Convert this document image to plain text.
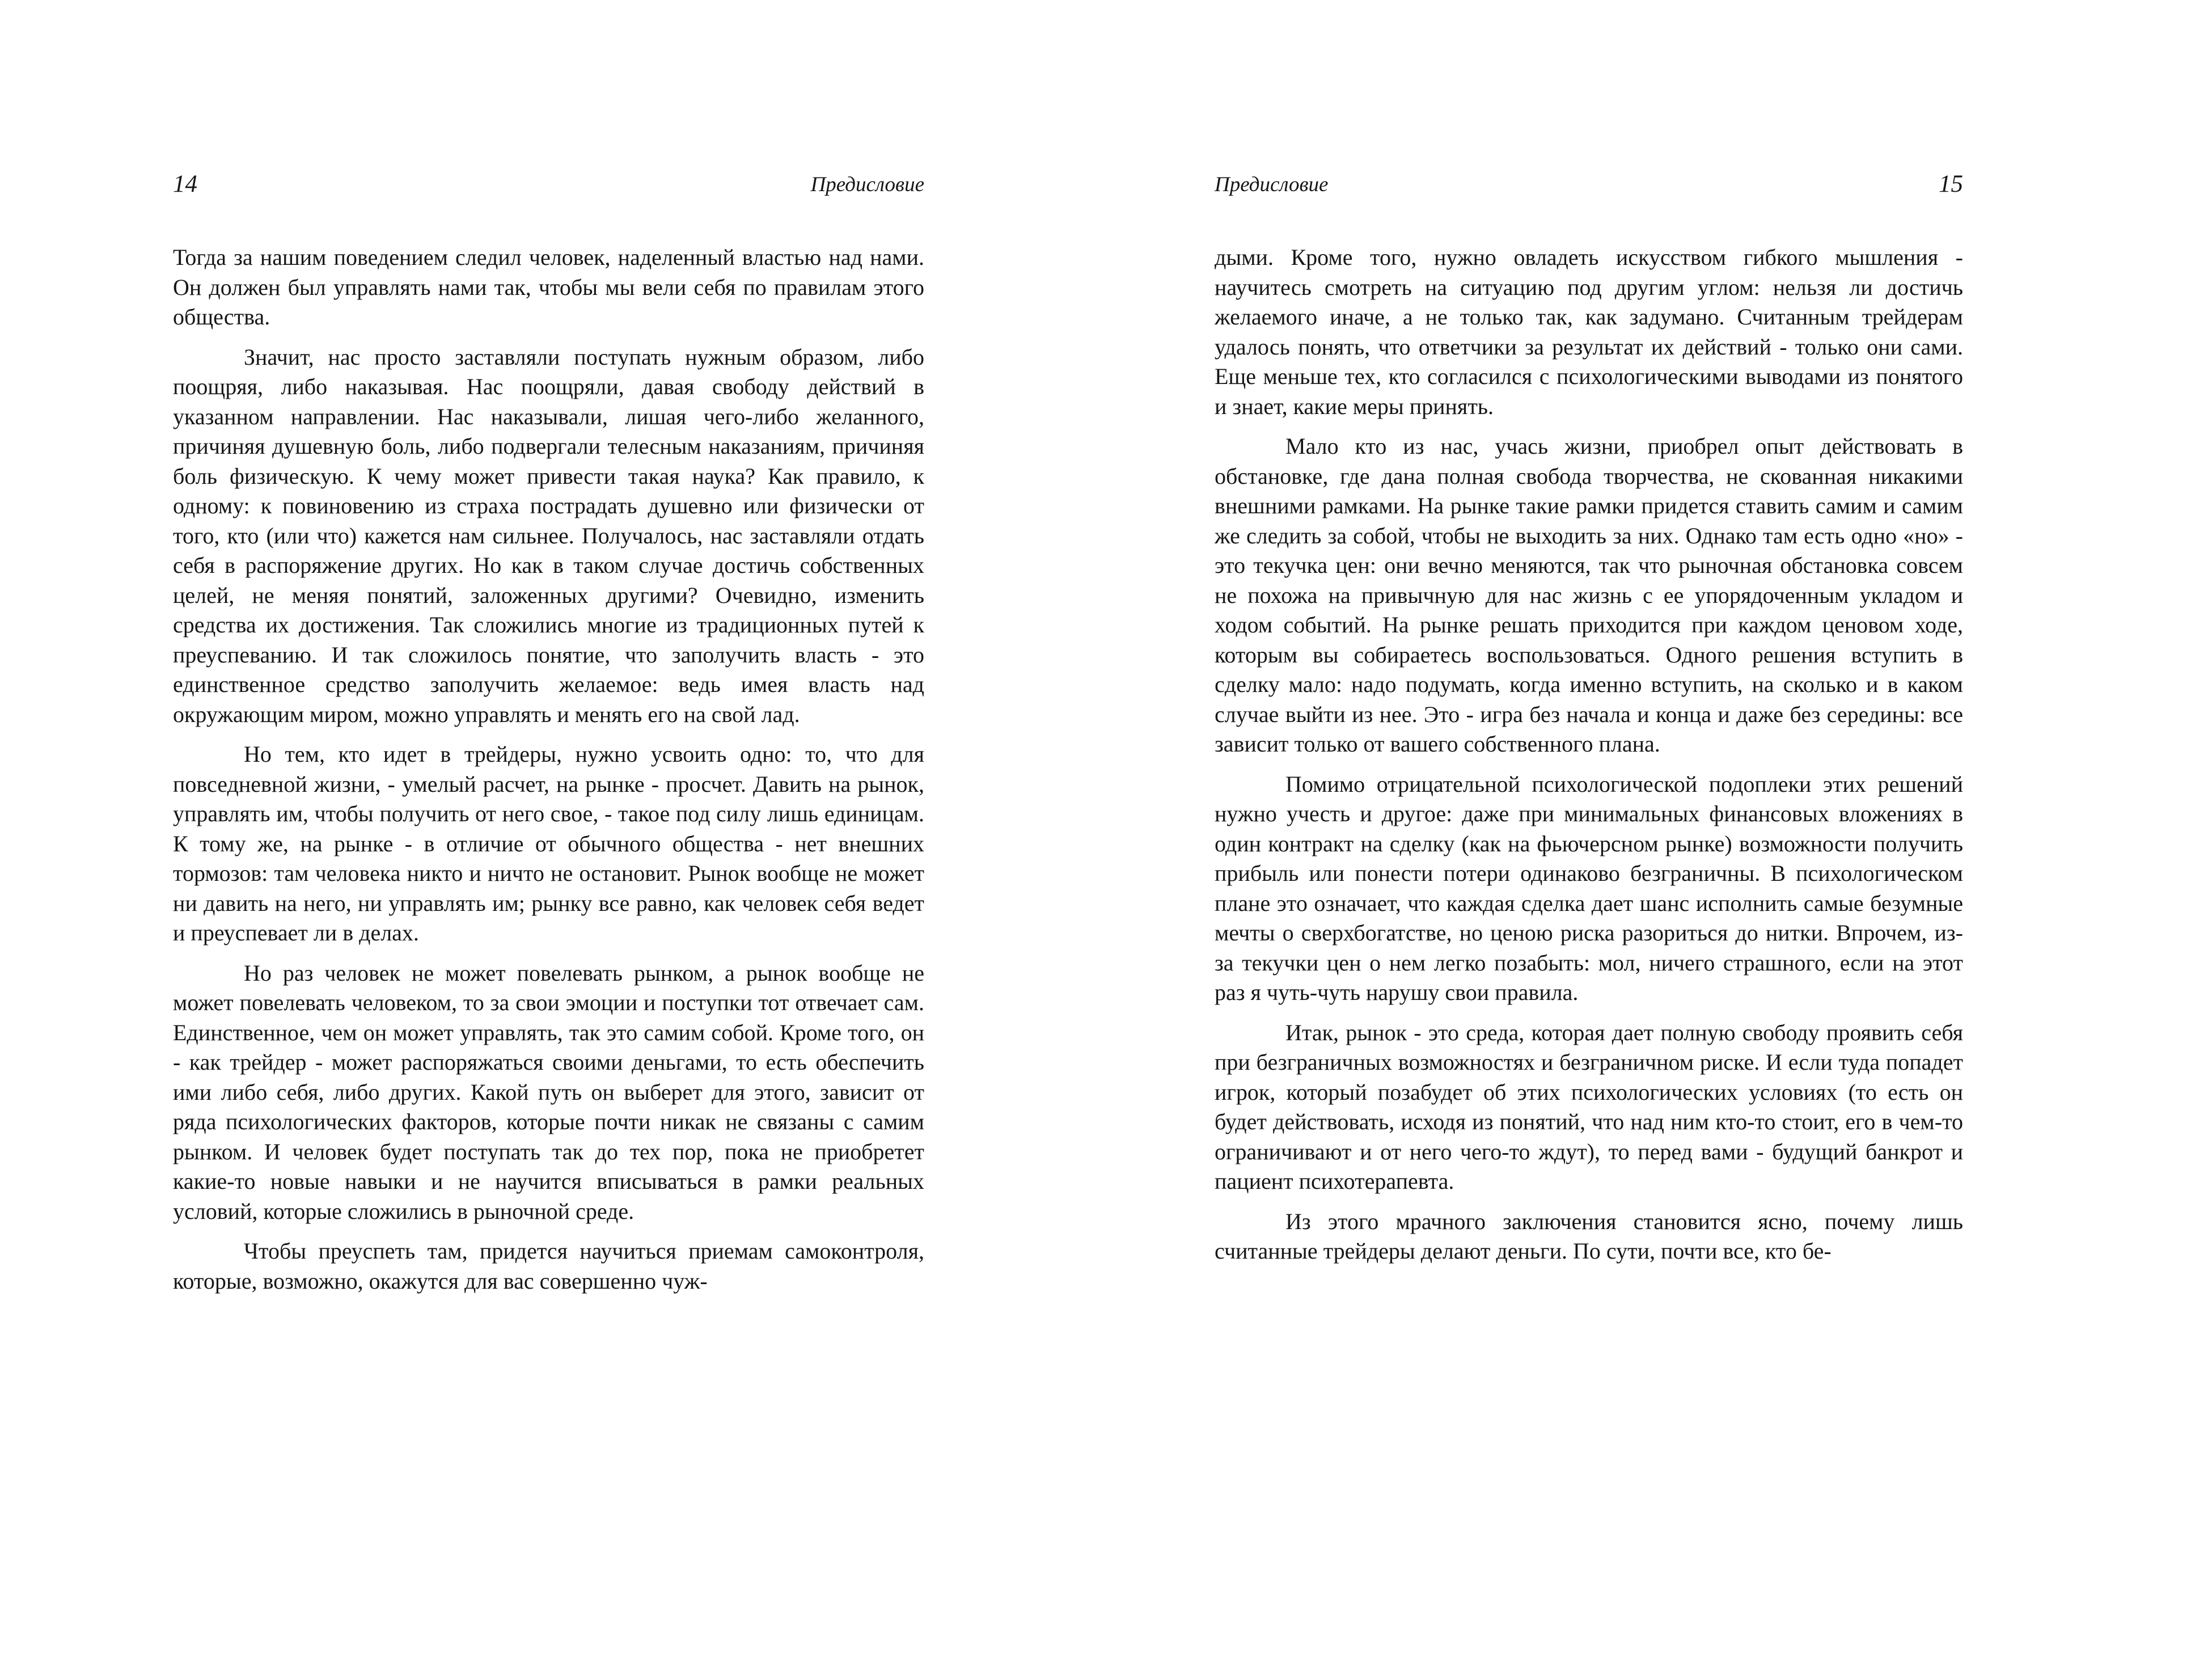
14	Предисловие

Тогда за нашим поведением следил человек, наделенный властью над нами. Он должен был управлять нами так, чтобы мы вели себя по правилам этого общества.

Значит, нас просто заставляли поступать нужным образом, либо поощряя, либо наказывая. Нас поощряли, давая свободу действий в указанном направлении. Нас наказывали, лишая чего-либо желанного, причиняя душевную боль, либо подвергали телесным наказаниям, причиняя боль физическую. К чему может привести такая наука? Как правило, к одному: к повиновению из страха пострадать душевно или физически от того, кто (или что) кажется нам сильнее. Получалось, нас заставляли отдать себя в распоряжение других. Но как в таком случае достичь собственных целей, не меняя понятий, заложенных другими? Очевидно, изменить средства их достижения. Так сложились многие из традиционных путей к преуспеванию. И так сложилось понятие, что заполучить власть - это единственное средство заполучить желаемое: ведь имея власть над окружающим миром, можно управлять и менять его на свой лад.

Но тем, кто идет в трейдеры, нужно усвоить одно: то, что для повседневной жизни, - умелый расчет, на рынке - просчет. Давить на рынок, управлять им, чтобы получить от него свое, - такое под силу лишь единицам. К тому же, на рынке - в отличие от обычного общества - нет внешних тормозов: там человека никто и ничто не остановит. Рынок вообще не может ни давить на него, ни управлять им; рынку все равно, как человек себя ведет и преуспевает ли в делах.

Но раз человек не может повелевать рынком, а рынок вообще не может повелевать человеком, то за свои эмоции и поступки тот отвечает сам. Единственное, чем он может управлять, так это самим собой. Кроме того, он - как трейдер - может распоряжаться своими деньгами, то есть обеспечить ими либо себя, либо других. Какой путь он выберет для этого, зависит от ряда психологических факторов, которые почти никак не связаны с самим рынком. И человек будет поступать так до тех пор, пока не приобретет какие-то новые навыки и не научится вписываться в рамки реальных условий, которые сложились в рыночной среде.

Чтобы преуспеть там, придется научиться приемам самоконтроля, которые, возможно, окажутся для вас совершенно чуж-

Предисловие	15

дыми. Кроме того, нужно овладеть искусством гибкого мышления - научитесь смотреть на ситуацию под другим углом: нельзя ли достичь желаемого иначе, а не только так, как задумано. Считанным трейдерам удалось понять, что ответчики за результат их действий - только они сами. Еще меньше тех, кто согласился с психологическими выводами из понятого и знает, какие меры принять.

Мало кто из нас, учась жизни, приобрел опыт действовать в обстановке, где дана полная свобода творчества, не скованная никакими внешними рамками. На рынке такие рамки придется ставить самим и самим же следить за собой, чтобы не выходить за них. Однако там есть одно «но» - это текучка цен: они вечно меняются, так что рыночная обстановка совсем не похожа на привычную для нас жизнь с ее упорядоченным укладом и ходом событий. На рынке решать приходится при каждом ценовом ходе, которым вы собираетесь воспользоваться. Одного решения вступить в сделку мало: надо подумать, когда именно вступить, на сколько и в каком случае выйти из нее. Это - игра без начала и конца и даже без середины: все зависит только от вашего собственного плана.

Помимо отрицательной психологической подоплеки этих решений нужно учесть и другое: даже при минимальных финансовых вложениях в один контракт на сделку (как на фьючерсном рынке) возможности получить прибыль или понести потери одинаково безграничны. В психологическом плане это означает, что каждая сделка дает шанс исполнить самые безумные мечты о сверхбогатстве, но ценою риска разориться до нитки. Впрочем, из-за текучки цен о нем легко позабыть: мол, ничего страшного, если на этот раз я чуть-чуть нарушу свои правила.

Итак, рынок - это среда, которая дает полную свободу проявить себя при безграничных возможностях и безграничном риске. И если туда попадет игрок, который позабудет об этих психологических условиях (то есть он будет действовать, исходя из понятий, что над ним кто-то стоит, его в чем-то ограничивают и от него чего-то ждут), то перед вами - будущий банкрот и пациент психотерапевта.

Из этого мрачного заключения становится ясно, почему лишь считанные трейдеры делают деньги. По сути, почти все, кто бе-
